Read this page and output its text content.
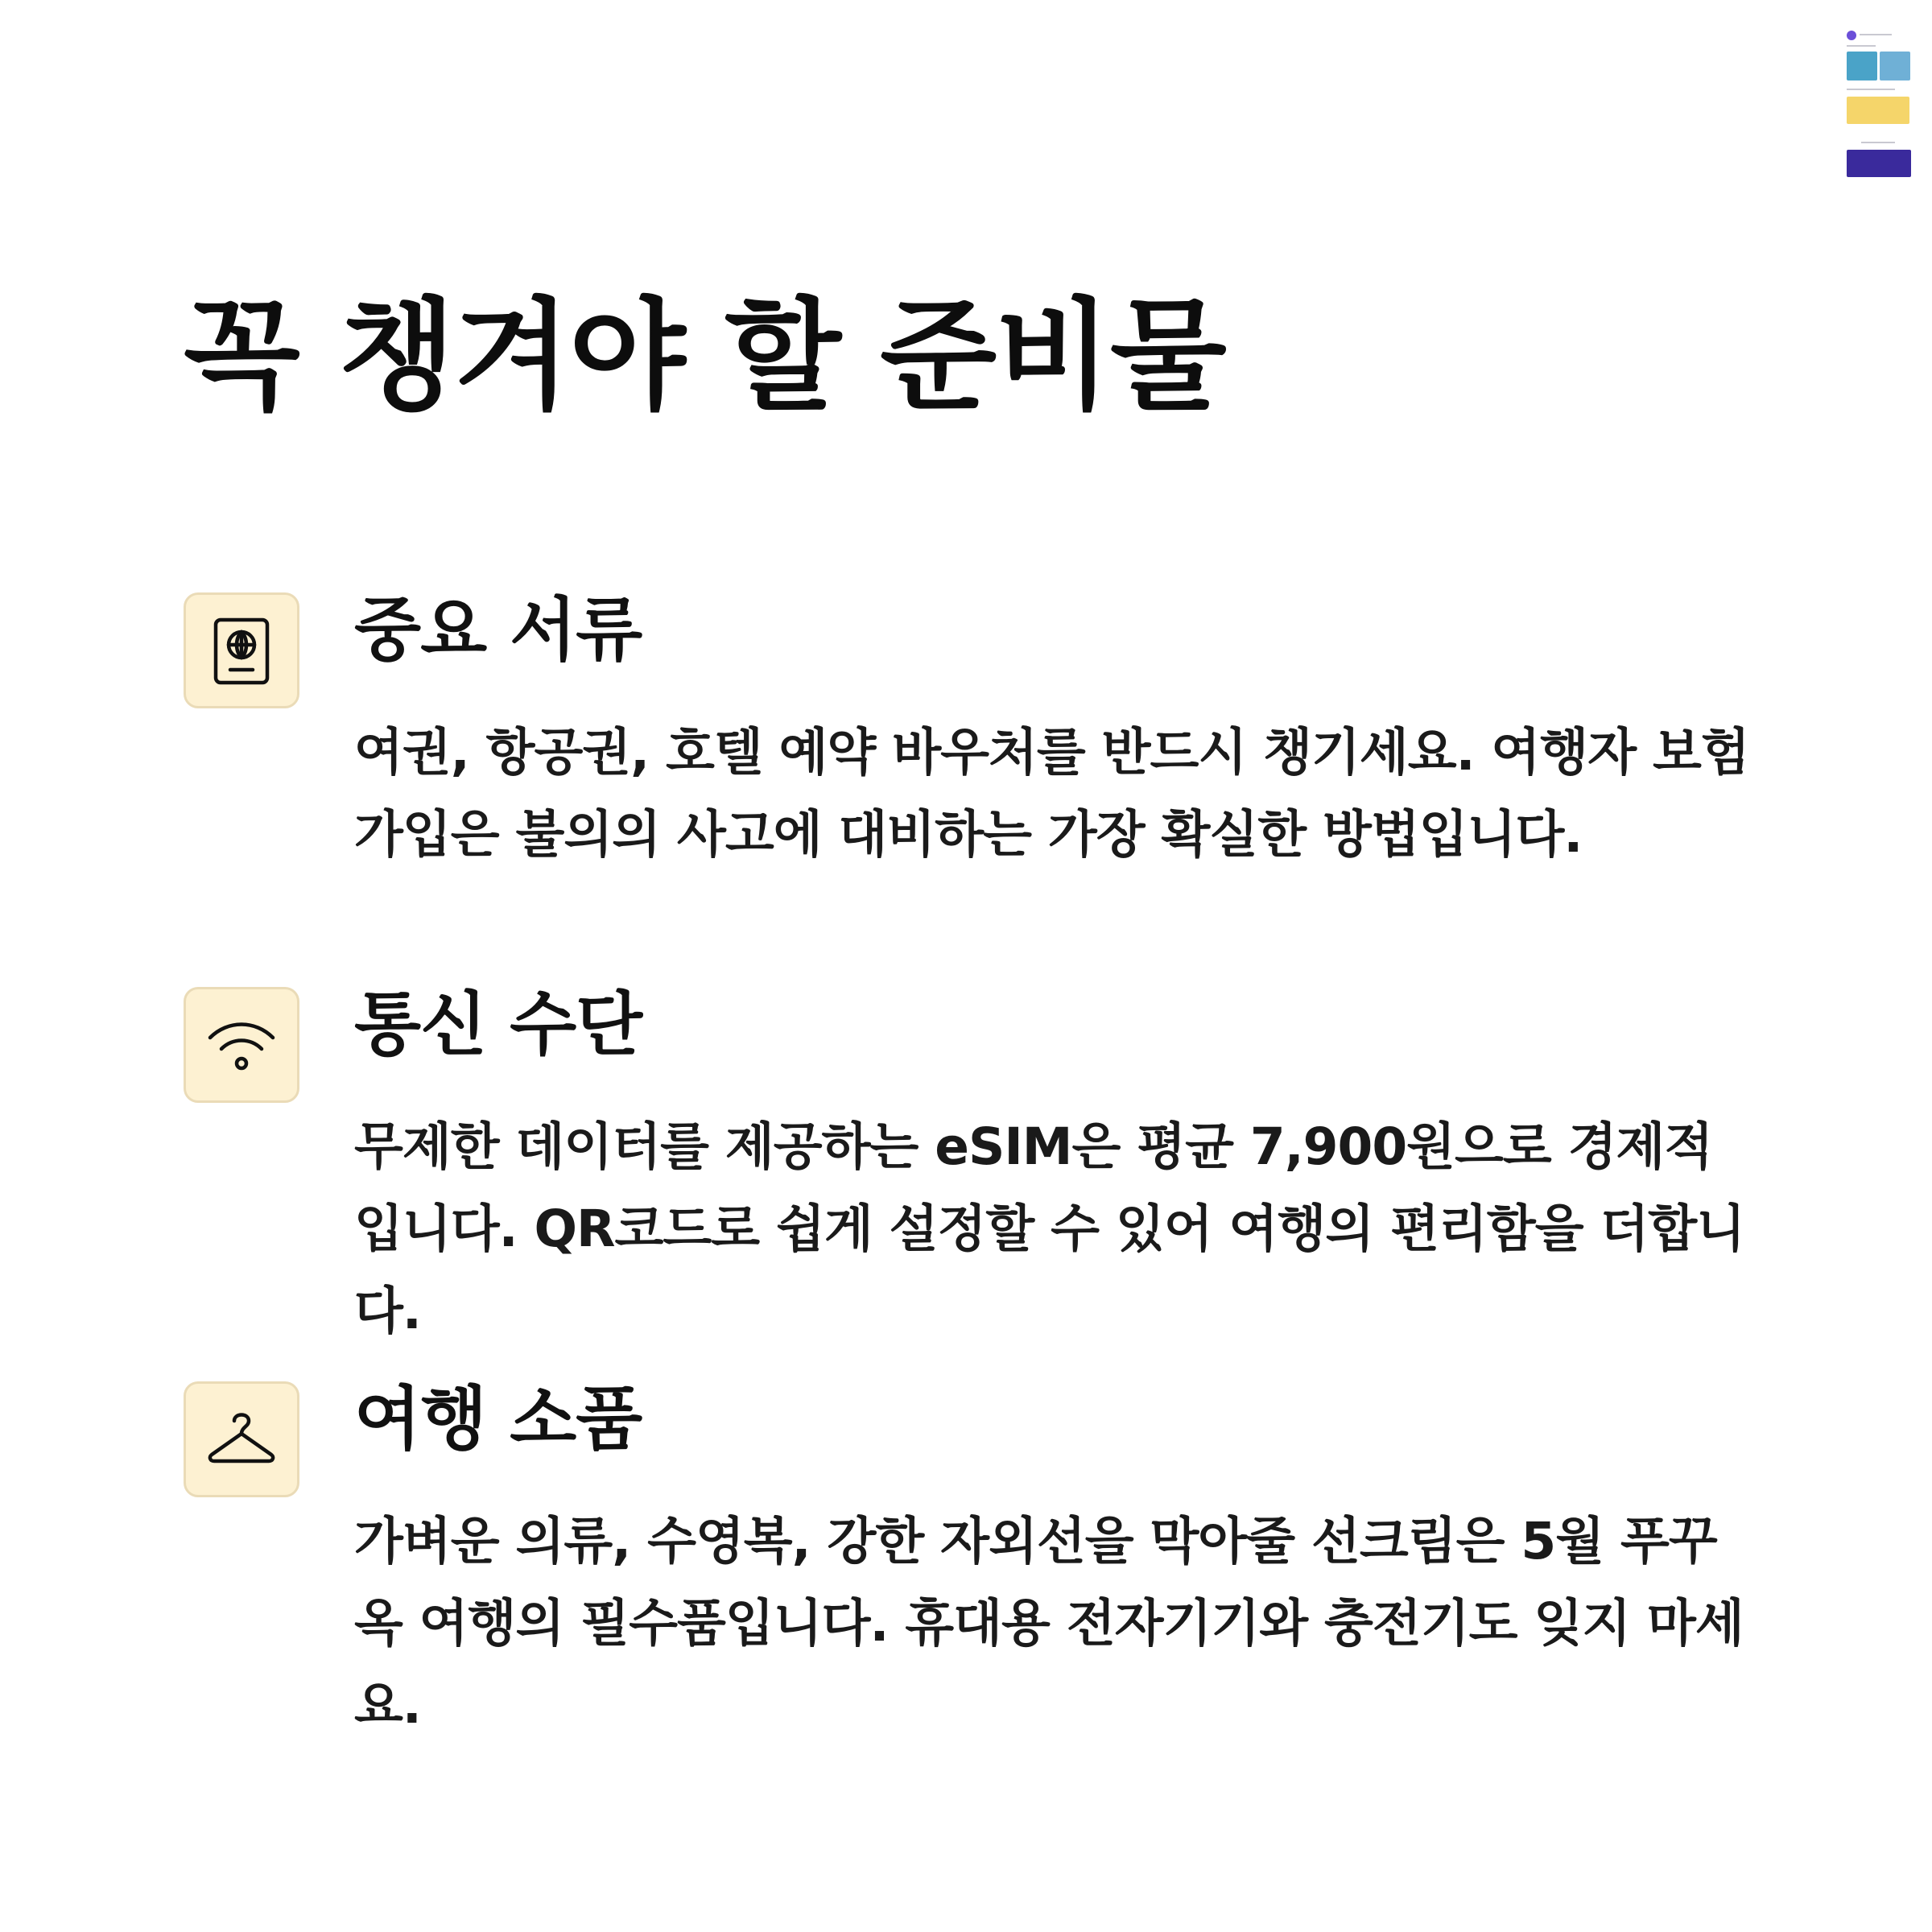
꼭 챙겨야 할 준비물
중요 서류

여권, 항공권, 호텔 예약 바우처를 반드시 챙기세요. 여행자 보험 가입은 불의의 사고에 대비하는 가장 확실한 방법입니다.

통신 수단

무제한 데이터를 제공하는 eSIM은 평균 7,900원으로 경제적입니다. QR코드로 쉽게 설정할 수 있어 여행의 편리함을 더합니다.

여행 소품

가벼운 의류, 수영복, 강한 자외선을 막아줄 선크림은 5월 푸꾸옥 여행의 필수품입니다. 휴대용 전자기기와 충전기도 잊지 마세요.
